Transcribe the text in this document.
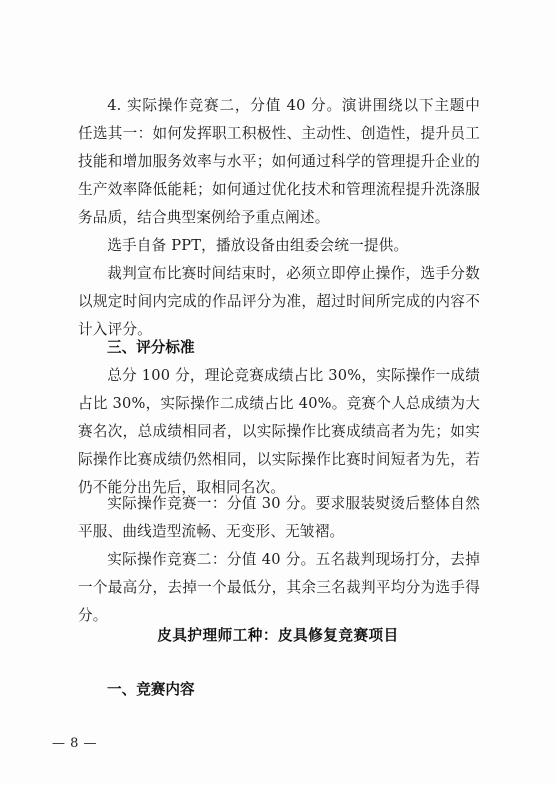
4. 实际操作竞赛二，分值 40 分。演讲围绕以下主题中任选其一：如何发挥职工积极性、主动性、创造性，提升员工技能和增加服务效率与水平；如何通过科学的管理提升企业的生产效率降低能耗；如何通过优化技术和管理流程提升洗涤服务品质，结合典型案例给予重点阐述。

选手自备 PPT，播放设备由组委会统一提供。

裁判宣布比赛时间结束时，必须立即停止操作，选手分数以规定时间内完成的作品评分为准，超过时间所完成的内容不计入评分。

三、评分标准

总分 100 分，理论竞赛成绩占比 30%，实际操作一成绩占比 30%，实际操作二成绩占比 40%。竞赛个人总成绩为大赛名次，总成绩相同者，以实际操作比赛成绩高者为先；如实际操作比赛成绩仍然相同，以实际操作比赛时间短者为先，若仍不能分出先后，取相同名次。

实际操作竞赛一：分值 30 分。要求服装熨烫后整体自然平服、曲线造型流畅、无变形、无皱褶。

实际操作竞赛二：分值 40 分。五名裁判现场打分，去掉一个最高分，去掉一个最低分，其余三名裁判平均分为选手得分。

皮具护理师工种：皮具修复竞赛项目

一、竞赛内容

— 8 —
